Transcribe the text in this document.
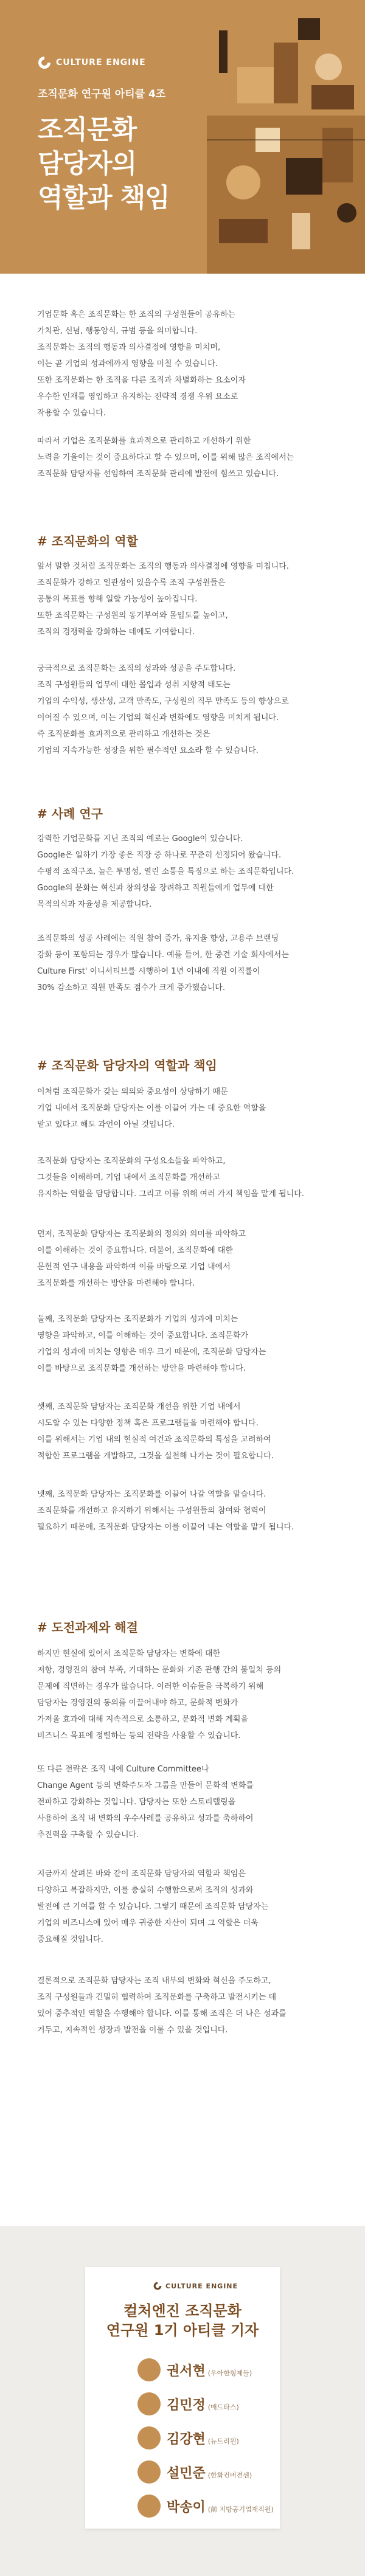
CULTURE ENGINE
조직문화 연구원 아티클 4조
조직문화
담당자의
역할과 책임
기업문화 혹은 조직문화는 한 조직의 구성원들이 공유하는
가치관, 신념, 행동양식, 규범 등을 의미합니다.
조직문화는 조직의 행동과 의사결정에 영향을 미치며,
이는 곧 기업의 성과에까지 영향을 미칠 수 있습니다.
또한 조직문화는 한 조직을 다른 조직과 차별화하는 요소이자
우수한 인재를 영입하고 유지하는 전략적 경쟁 우위 요소로
작용할 수 있습니다.
따라서 기업은 조직문화를 효과적으로 관리하고 개선하기 위한
노력을 기울이는 것이 중요하다고 할 수 있으며, 이를 위해 많은 조직에서는
조직문화 담당자를 선임하여 조직문화 관리에 발전에 힘쓰고 있습니다.
# 조직문화의 역할
앞서 말한 것처럼 조직문화는 조직의 행동과 의사결정에 영향을 미칩니다.
조직문화가 강하고 일관성이 있을수록 조직 구성원들은
공통의 목표를 향해 일할 가능성이 높아집니다.
또한 조직문화는 구성원의 동기부여와 몰입도를 높이고,
조직의 경쟁력을 강화하는 데에도 기여합니다.
궁극적으로 조직문화는 조직의 성과와 성공을 주도합니다.
조직 구성원들의 업무에 대한 몰입과 성취 지향적 태도는
기업의 수익성, 생산성, 고객 만족도, 구성원의 직무 만족도 등의 향상으로
이어질 수 있으며, 이는 기업의 혁신과 변화에도 영향을 미치게 됩니다.
즉 조직문화를 효과적으로 관리하고 개선하는 것은
기업의 지속가능한 성장을 위한 필수적인 요소라 할 수 있습니다.
# 사례 연구
강력한 기업문화를 지닌 조직의 예로는 Google이 있습니다.
Google은 일하기 가장 좋은 직장 중 하나로 꾸준히 선정되어 왔습니다.
수평적 조직구조, 높은 투명성, 열린 소통을 특징으로 하는 조직문화입니다.
Google의 문화는 혁신과 창의성을 장려하고 직원들에게 업무에 대한
목적의식과 자율성을 제공합니다.
조직문화의 성공 사례에는 직원 참여 증가, 유지율 향상, 고용주 브랜딩
강화 등이 포함되는 경우가 많습니다. 예를 들어, 한 중견 기술 회사에서는
Culture First' 이니셔티브를 시행하여 1년 이내에 직원 이직률이
30% 감소하고 직원 만족도 점수가 크게 증가했습니다.
# 조직문화 담당자의 역할과 책임
이처럼 조직문화가 갖는 의의와 중요성이 상당하기 때문
기업 내에서 조직문화 담당자는 이를 이끌어 가는 데 중요한 역할을
맡고 있다고 해도 과언이 아닐 것입니다.
조직문화 담당자는 조직문화의 구성요소들을 파악하고,
그것들을 이해하며, 기업 내에서 조직문화를 개선하고
유지하는 역할을 담당합니다. 그리고 이를 위해 여러 가지 책임을 맡게 됩니다.
먼저, 조직문화 담당자는 조직문화의 정의와 의미를 파악하고
이를 이해하는 것이 중요합니다. 더불어, 조직문화에 대한
문헌적 연구 내용을 파악하여 이를 바탕으로 기업 내에서
조직문화를 개선하는 방안을 마련해야 합니다.
둘째, 조직문화 담당자는 조직문화가 기업의 성과에 미치는
영향을 파악하고, 이를 이해하는 것이 중요합니다. 조직문화가
기업의 성과에 미치는 영향은 매우 크기 때문에, 조직문화 담당자는
이를 바탕으로 조직문화를 개선하는 방안을 마련해야 합니다.
셋째, 조직문화 담당자는 조직문화 개선을 위한 기업 내에서
시도할 수 있는 다양한 정책 혹은 프로그램들을 마련해야 합니다.
이를 위해서는 기업 내의 현실적 여건과 조직문화의 특성을 고려하여
적합한 프로그램을 개발하고, 그것을 실천해 나가는 것이 필요합니다.
넷째, 조직문화 담당자는 조직문화를 이끌어 나갈 역할을 맡습니다.
조직문화를 개선하고 유지하기 위해서는 구성원들의 참여와 협력이
필요하기 때문에, 조직문화 담당자는 이를 이끌어 내는 역할을 맡게 됩니다.
# 도전과제와 해결
하지만 현실에 있어서 조직문화 담당자는 변화에 대한
저항, 경영진의 참여 부족, 기대하는 문화와 기존 관행 간의 불일치 등의
문제에 직면하는 경우가 많습니다. 이러한 이슈들을 극복하기 위해
담당자는 경영진의 동의를 이끌어내야 하고, 문화적 변화가
가져올 효과에 대해 지속적으로 소통하고, 문화적 변화 계획을
비즈니스 목표에 정렬하는 등의 전략을 사용할 수 있습니다.
또 다른 전략은 조직 내에 Culture Committee나
Change Agent 등의 변화주도자 그룹을 만들어 문화적 변화를
전파하고 강화하는 것입니다. 담당자는 또한 스토리텔링을
사용하여 조직 내 변화의 우수사례를 공유하고 성과를 축하하여
추진력을 구축할 수 있습니다.
지금까지 살펴본 바와 같이 조직문화 담당자의 역할과 책임은
다양하고 복잡하지만, 이를 충실히 수행함으로써 조직의 성과와
발전에 큰 기여를 할 수 있습니다. 그렇기 때문에 조직문화 담당자는
기업의 비즈니스에 있어 매우 귀중한 자산이 되며 그 역할은 더욱
중요해질 것입니다.
결론적으로 조직문화 담당자는 조직 내부의 변화와 혁신을 주도하고,
조직 구성원들과 긴밀히 협력하여 조직문화를 구축하고 발전시키는 데
있어 중추적인 역할을 수행해야 합니다. 이를 통해 조직은 더 나은 성과를
거두고, 지속적인 성장과 발전을 이룰 수 있을 것입니다.
CULTURE ENGINE
컬처엔진 조직문화
연구원 1기 아티클 기자
권서현 (우아한형제들)
김민정 (매드타스)
김강현 (뉴트리원)
설민준 (한화컨버젼센)
박송이 (前 지방공기업재직원)
